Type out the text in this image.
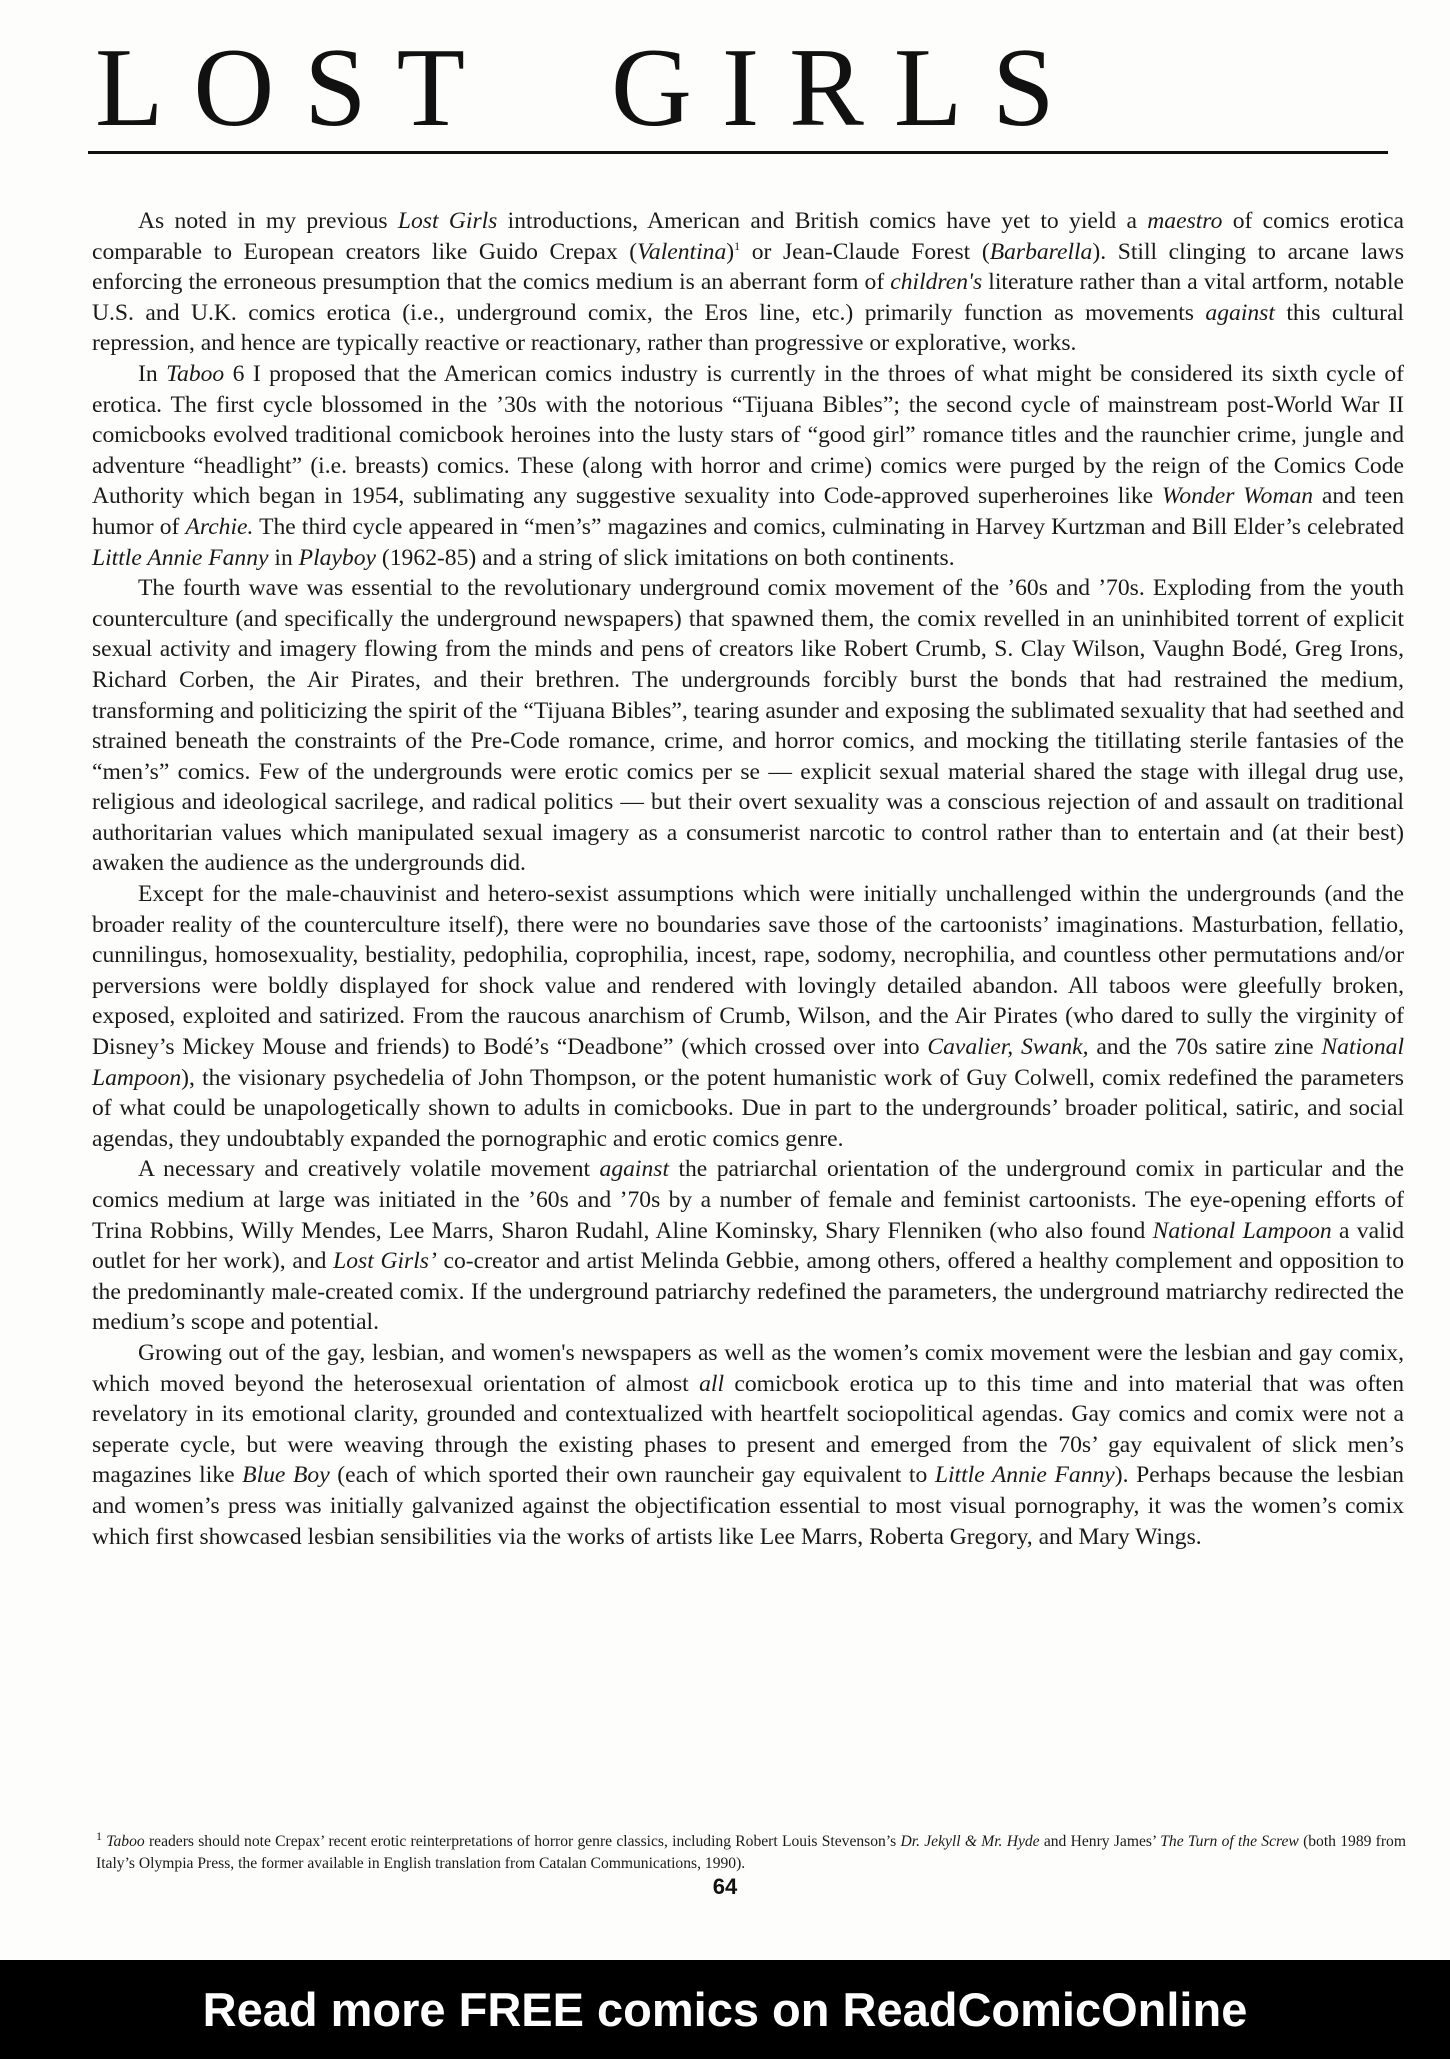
LOST GIRLS

As noted in my previous Lost Girls introductions, American and British comics have yet to yield a maestro of comics erotica comparable to European creators like Guido Crepax (Valentina)$^1$ or Jean-Claude Forest (Barbarella). Still clinging to arcane laws enforcing the erroneous presumption that the comics medium is an aberrant form of children's literature rather than a vital artform, notable U.S. and U.K. comics erotica (i.e., underground comix, the Eros line, etc.) primarily function as movements against this cultural repression, and hence are typically reactive or reactionary, rather than progressive or explorative, works.

In Taboo 6 I proposed that the American comics industry is currently in the throes of what might be considered its sixth cycle of erotica. The first cycle blossomed in the ’30s with the notorious “Tijuana Bibles”; the second cycle of mainstream post-World War II comicbooks evolved traditional comicbook heroines into the lusty stars of “good girl” romance titles and the raunchier crime, jungle and adventure “headlight” (i.e. breasts) comics. These (along with horror and crime) comics were purged by the reign of the Comics Code Authority which began in 1954, sublimating any suggestive sexuality into Code-approved superheroines like Wonder Woman and teen humor of Archie. The third cycle appeared in “men’s” magazines and comics, culminating in Harvey Kurtzman and Bill Elder’s celebrated Little Annie Fanny in Playboy (1962-85) and a string of slick imitations on both continents.

The fourth wave was essential to the revolutionary underground comix movement of the ’60s and ’70s. Exploding from the youth counterculture (and specifically the underground newspapers) that spawned them, the comix revelled in an uninhibited torrent of explicit sexual activity and imagery flowing from the minds and pens of creators like Robert Crumb, S. Clay Wilson, Vaughn Bodé, Greg Irons, Richard Corben, the Air Pirates, and their brethren. The undergrounds forcibly burst the bonds that had restrained the medium, transforming and politicizing the spirit of the “Tijuana Bibles”, tearing asunder and exposing the sublimated sexuality that had seethed and strained beneath the constraints of the Pre-Code romance, crime, and horror comics, and mocking the titillating sterile fantasies of the “men’s” comics. Few of the undergrounds were erotic comics per se — explicit sexual material shared the stage with illegal drug use, religious and ideological sacrilege, and radical politics — but their overt sexuality was a conscious rejection of and assault on traditional authoritarian values which manipulated sexual imagery as a consumerist narcotic to control rather than to entertain and (at their best) awaken the audience as the undergrounds did.

Except for the male-chauvinist and hetero-sexist assumptions which were initially unchallenged within the undergrounds (and the broader reality of the counterculture itself), there were no boundaries save those of the cartoonists’ imaginations. Masturbation, fellatio, cunnilingus, homosexuality, bestiality, pedophilia, coprophilia, incest, rape, sodomy, necrophilia, and countless other permutations and/or perversions were boldly displayed for shock value and rendered with lovingly detailed abandon. All taboos were gleefully broken, exposed, exploited and satirized. From the raucous anarchism of Crumb, Wilson, and the Air Pirates (who dared to sully the virginity of Disney’s Mickey Mouse and friends) to Bodé’s “Deadbone” (which crossed over into Cavalier, Swank, and the 70s satire zine National Lampoon), the visionary psychedelia of John Thompson, or the potent humanistic work of Guy Colwell, comix redefined the parameters of what could be unapologetically shown to adults in comicbooks. Due in part to the undergrounds’ broader political, satiric, and social agendas, they undoubtably expanded the pornographic and erotic comics genre.

A necessary and creatively volatile movement against the patriarchal orientation of the underground comix in particular and the comics medium at large was initiated in the ’60s and ’70s by a number of female and feminist cartoonists. The eye-opening efforts of Trina Robbins, Willy Mendes, Lee Marrs, Sharon Rudahl, Aline Kominsky, Shary Flenniken (who also found National Lampoon a valid outlet for her work), and Lost Girls’ co-creator and artist Melinda Gebbie, among others, offered a healthy complement and opposition to the predominantly male-created comix. If the underground patriarchy redefined the parameters, the underground matriarchy redirected the medium’s scope and potential.

Growing out of the gay, lesbian, and women's newspapers as well as the women’s comix movement were the lesbian and gay comix, which moved beyond the heterosexual orientation of almost all comicbook erotica up to this time and into material that was often revelatory in its emotional clarity, grounded and contextualized with heartfelt sociopolitical agendas. Gay comics and comix were not a seperate cycle, but were weaving through the existing phases to present and emerged from the 70s’ gay equivalent of slick men’s magazines like Blue Boy (each of which sported their own rauncheir gay equivalent to Little Annie Fanny). Perhaps because the lesbian and women’s press was initially galvanized against the objectification essential to most visual pornography, it was the women’s comix which first showcased lesbian sensibilities via the works of artists like Lee Marrs, Roberta Gregory, and Mary Wings.

$^1$ Taboo readers should note Crepax’ recent erotic reinterpretations of horror genre classics, including Robert Louis Stevenson’s Dr. Jekyll & Mr. Hyde and Henry James’ The Turn of the Screw (both 1989 from Italy’s Olympia Press, the former available in English translation from Catalan Communications, 1990).

64
Read more FREE comics on ReadComicOnline
